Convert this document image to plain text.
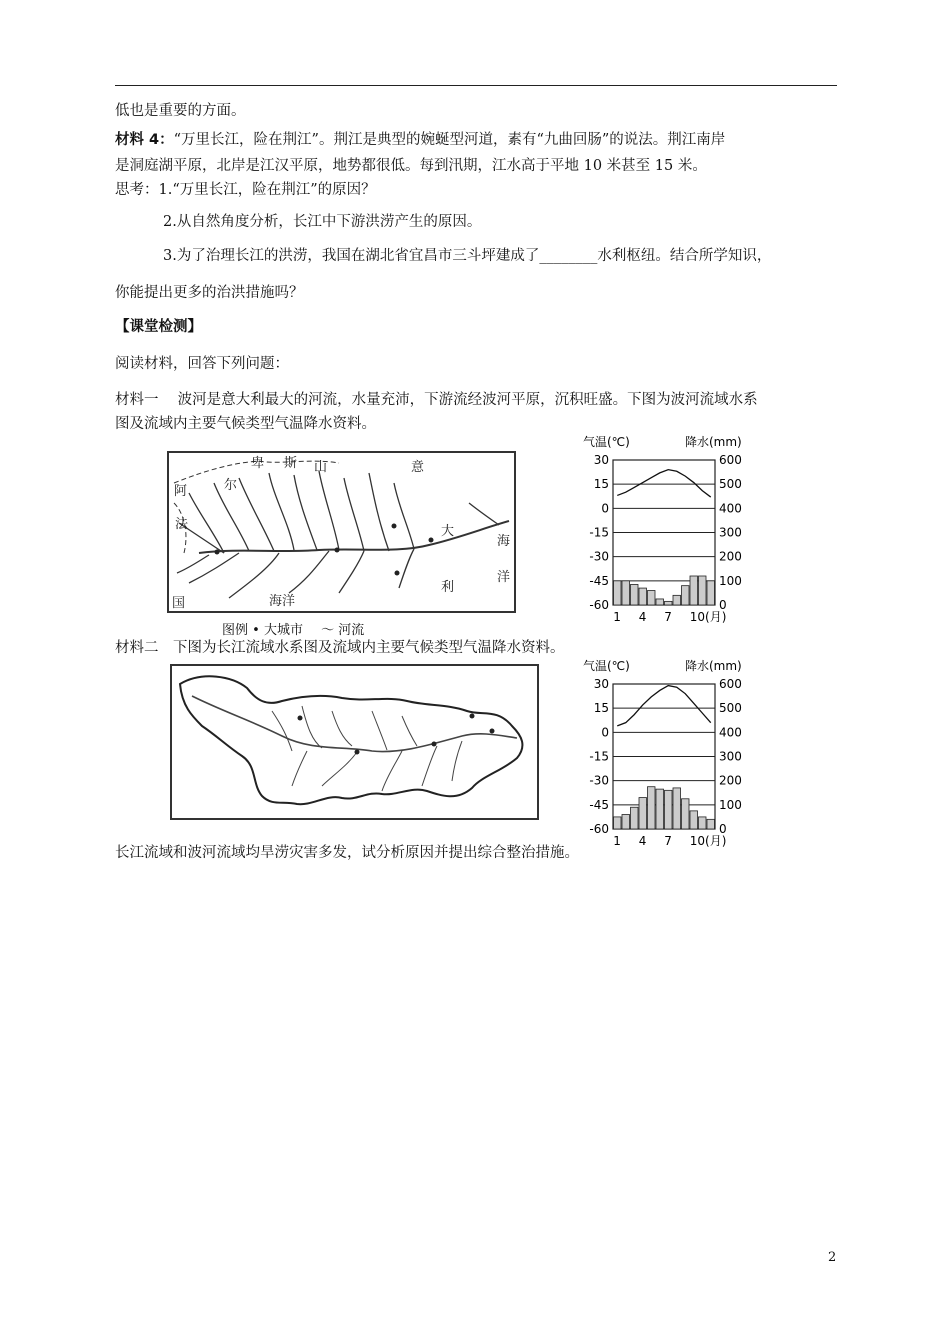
低也是重要的方面。
材料 4：“万里长江，险在荆江”。荆江是典型的婉蜒型河道，素有“九曲回肠”的说法。荆江南岸
是洞庭湖平原，北岸是江汉平原，地势都很低。每到汛期，江水高于平地 10 米甚至 15 米。
思考：1.“万里长江，险在荆江”的原因？
2.从自然角度分析，长江中下游洪涝产生的原因。
3.为了治理长江的洪涝，我国在湖北省宜昌市三斗坪建成了________水利枢纽。结合所学知识，
你能提出更多的治洪措施吗？
【课堂检测】
阅读材料，回答下列问题：
材料一　 波河是意大利最大的河流，水量充沛，下游流经波河平原，沉积旺盛。下图为波河流域水系
图及流域内主要气候类型气温降水资料。
阿	尔
卑 斯 山
法
国
意
大
利
海
洋
海洋
图例 • 大城市 〜 河流
气温(℃)	降水(mm)
30
15
0
-15
-30
-45
-60
600
500
400
300
200
100
0
1 4 7 10(月)
材料二　下图为长江流域水系图及流域内主要气候类型气温降水资料。
气温(℃)	降水(mm)
30
15
0
-15
-30
-45
-60
600
500
400
300
200
100
0
1 4 7 10(月)
长江流域和波河流域均旱涝灾害多发，试分析原因并提出综合整治措施。
2
